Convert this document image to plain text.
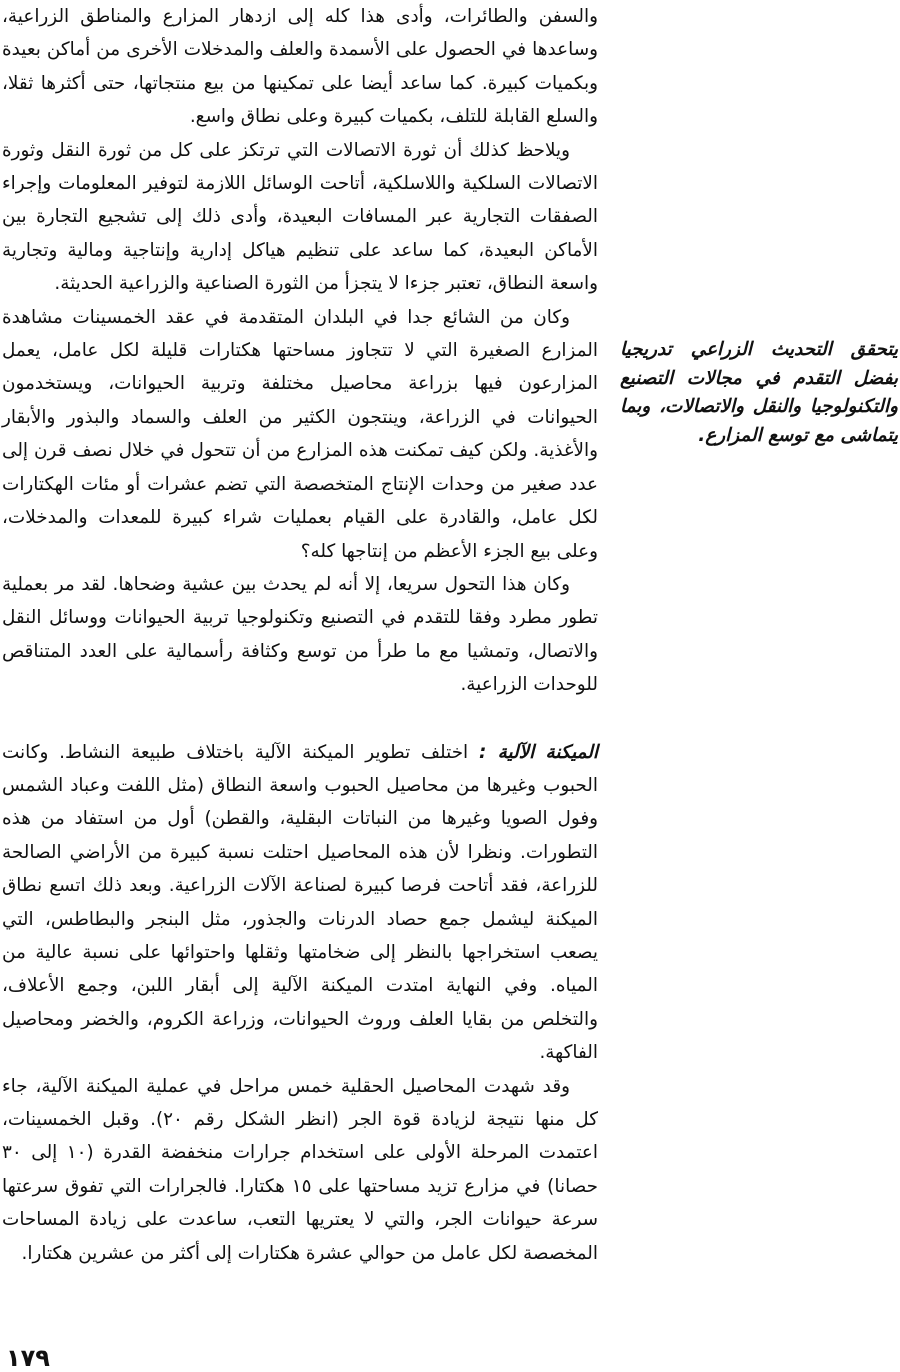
والسفن والطائرات، وأدى هذا كله إلى ازدهار المزارع والمناطق الزراعية، وساعدها في الحصول على الأسمدة والعلف والمدخلات الأخرى من أماكن بعيدة وبكميات كبيرة. كما ساعد أيضا على تمكينها من بيع منتجاتها، حتى أكثرها ثقلا، والسلع القابلة للتلف، بكميات كبيرة وعلى نطاق واسع.

ويلاحظ كذلك أن ثورة الاتصالات التي ترتكز على كل من ثورة النقل وثورة الاتصالات السلكية واللاسلكية، أتاحت الوسائل اللازمة لتوفير المعلومات وإجراء الصفقات التجارية عبر المسافات البعيدة، وأدى ذلك إلى تشجيع التجارة بين الأماكن البعيدة، كما ساعد على تنظيم هياكل إدارية وإنتاجية ومالية وتجارية واسعة النطاق، تعتبر جزءا لا يتجزأ من الثورة الصناعية والزراعية الحديثة.

وكان من الشائع جدا في البلدان المتقدمة في عقد الخمسينات مشاهدة المزارع الصغيرة التي لا تتجاوز مساحتها هكتارات قليلة لكل عامل، يعمل المزارعون فيها بزراعة محاصيل مختلفة وتربية الحيوانات، ويستخدمون الحيوانات في الزراعة، وينتجون الكثير من العلف والسماد والبذور والأبقار والأغذية. ولكن كيف تمكنت هذه المزارع من أن تتحول في خلال نصف قرن إلى عدد صغير من وحدات الإنتاج المتخصصة التي تضم عشرات أو مئات الهكتارات لكل عامل، والقادرة على القيام بعمليات شراء كبيرة للمعدات والمدخلات، وعلى بيع الجزء الأعظم من إنتاجها كله؟

وكان هذا التحول سريعا، إلا أنه لم يحدث بين عشية وضحاها. لقد مر بعملية تطور مطرد وفقا للتقدم في التصنيع وتكنولوجيا تربية الحيوانات ووسائل النقل والاتصال، وتمشيا مع ما طرأ من توسع وكثافة رأسمالية على العدد المتناقص للوحدات الزراعية.

الميكنة الآلية : اختلف تطوير الميكنة الآلية باختلاف طبيعة النشاط. وكانت الحبوب وغيرها من محاصيل الحبوب واسعة النطاق (مثل اللفت وعباد الشمس وفول الصويا وغيرها من النباتات البقلية، والقطن) أول من استفاد من هذه التطورات. ونظرا لأن هذه المحاصيل احتلت نسبة كبيرة من الأراضي الصالحة للزراعة، فقد أتاحت فرصا كبيرة لصناعة الآلات الزراعية. وبعد ذلك اتسع نطاق الميكنة ليشمل جمع حصاد الدرنات والجذور، مثل البنجر والبطاطس، التي يصعب استخراجها بالنظر إلى ضخامتها وثقلها واحتوائها على نسبة عالية من المياه. وفي النهاية امتدت الميكنة الآلية إلى أبقار اللبن، وجمع الأعلاف، والتخلص من بقايا العلف وروث الحيوانات، وزراعة الكروم، والخضر ومحاصيل الفاكهة.

وقد شهدت المحاصيل الحقلية خمس مراحل في عملية الميكنة الآلية، جاء كل منها نتيجة لزيادة قوة الجر (انظر الشكل رقم ٢٠). وقبل الخمسينات، اعتمدت المرحلة الأولى على استخدام جرارات منخفضة القدرة (١٠ إلى ٣٠ حصانا) في مزارع تزيد مساحتها على ١٥ هكتارا. فالجرارات التي تفوق سرعتها سرعة حيوانات الجر، والتي لا يعتريها التعب، ساعدت على زيادة المساحات المخصصة لكل عامل من حوالي عشرة هكتارات إلى أكثر من عشرين هكتارا.

يتحقق التحديث الزراعي تدريجيا بفضل التقدم في مجالات التصنيع والتكنولوجيا والنقل والاتصالات، وبما يتماشى مع توسع المزارع.
١٧٩
